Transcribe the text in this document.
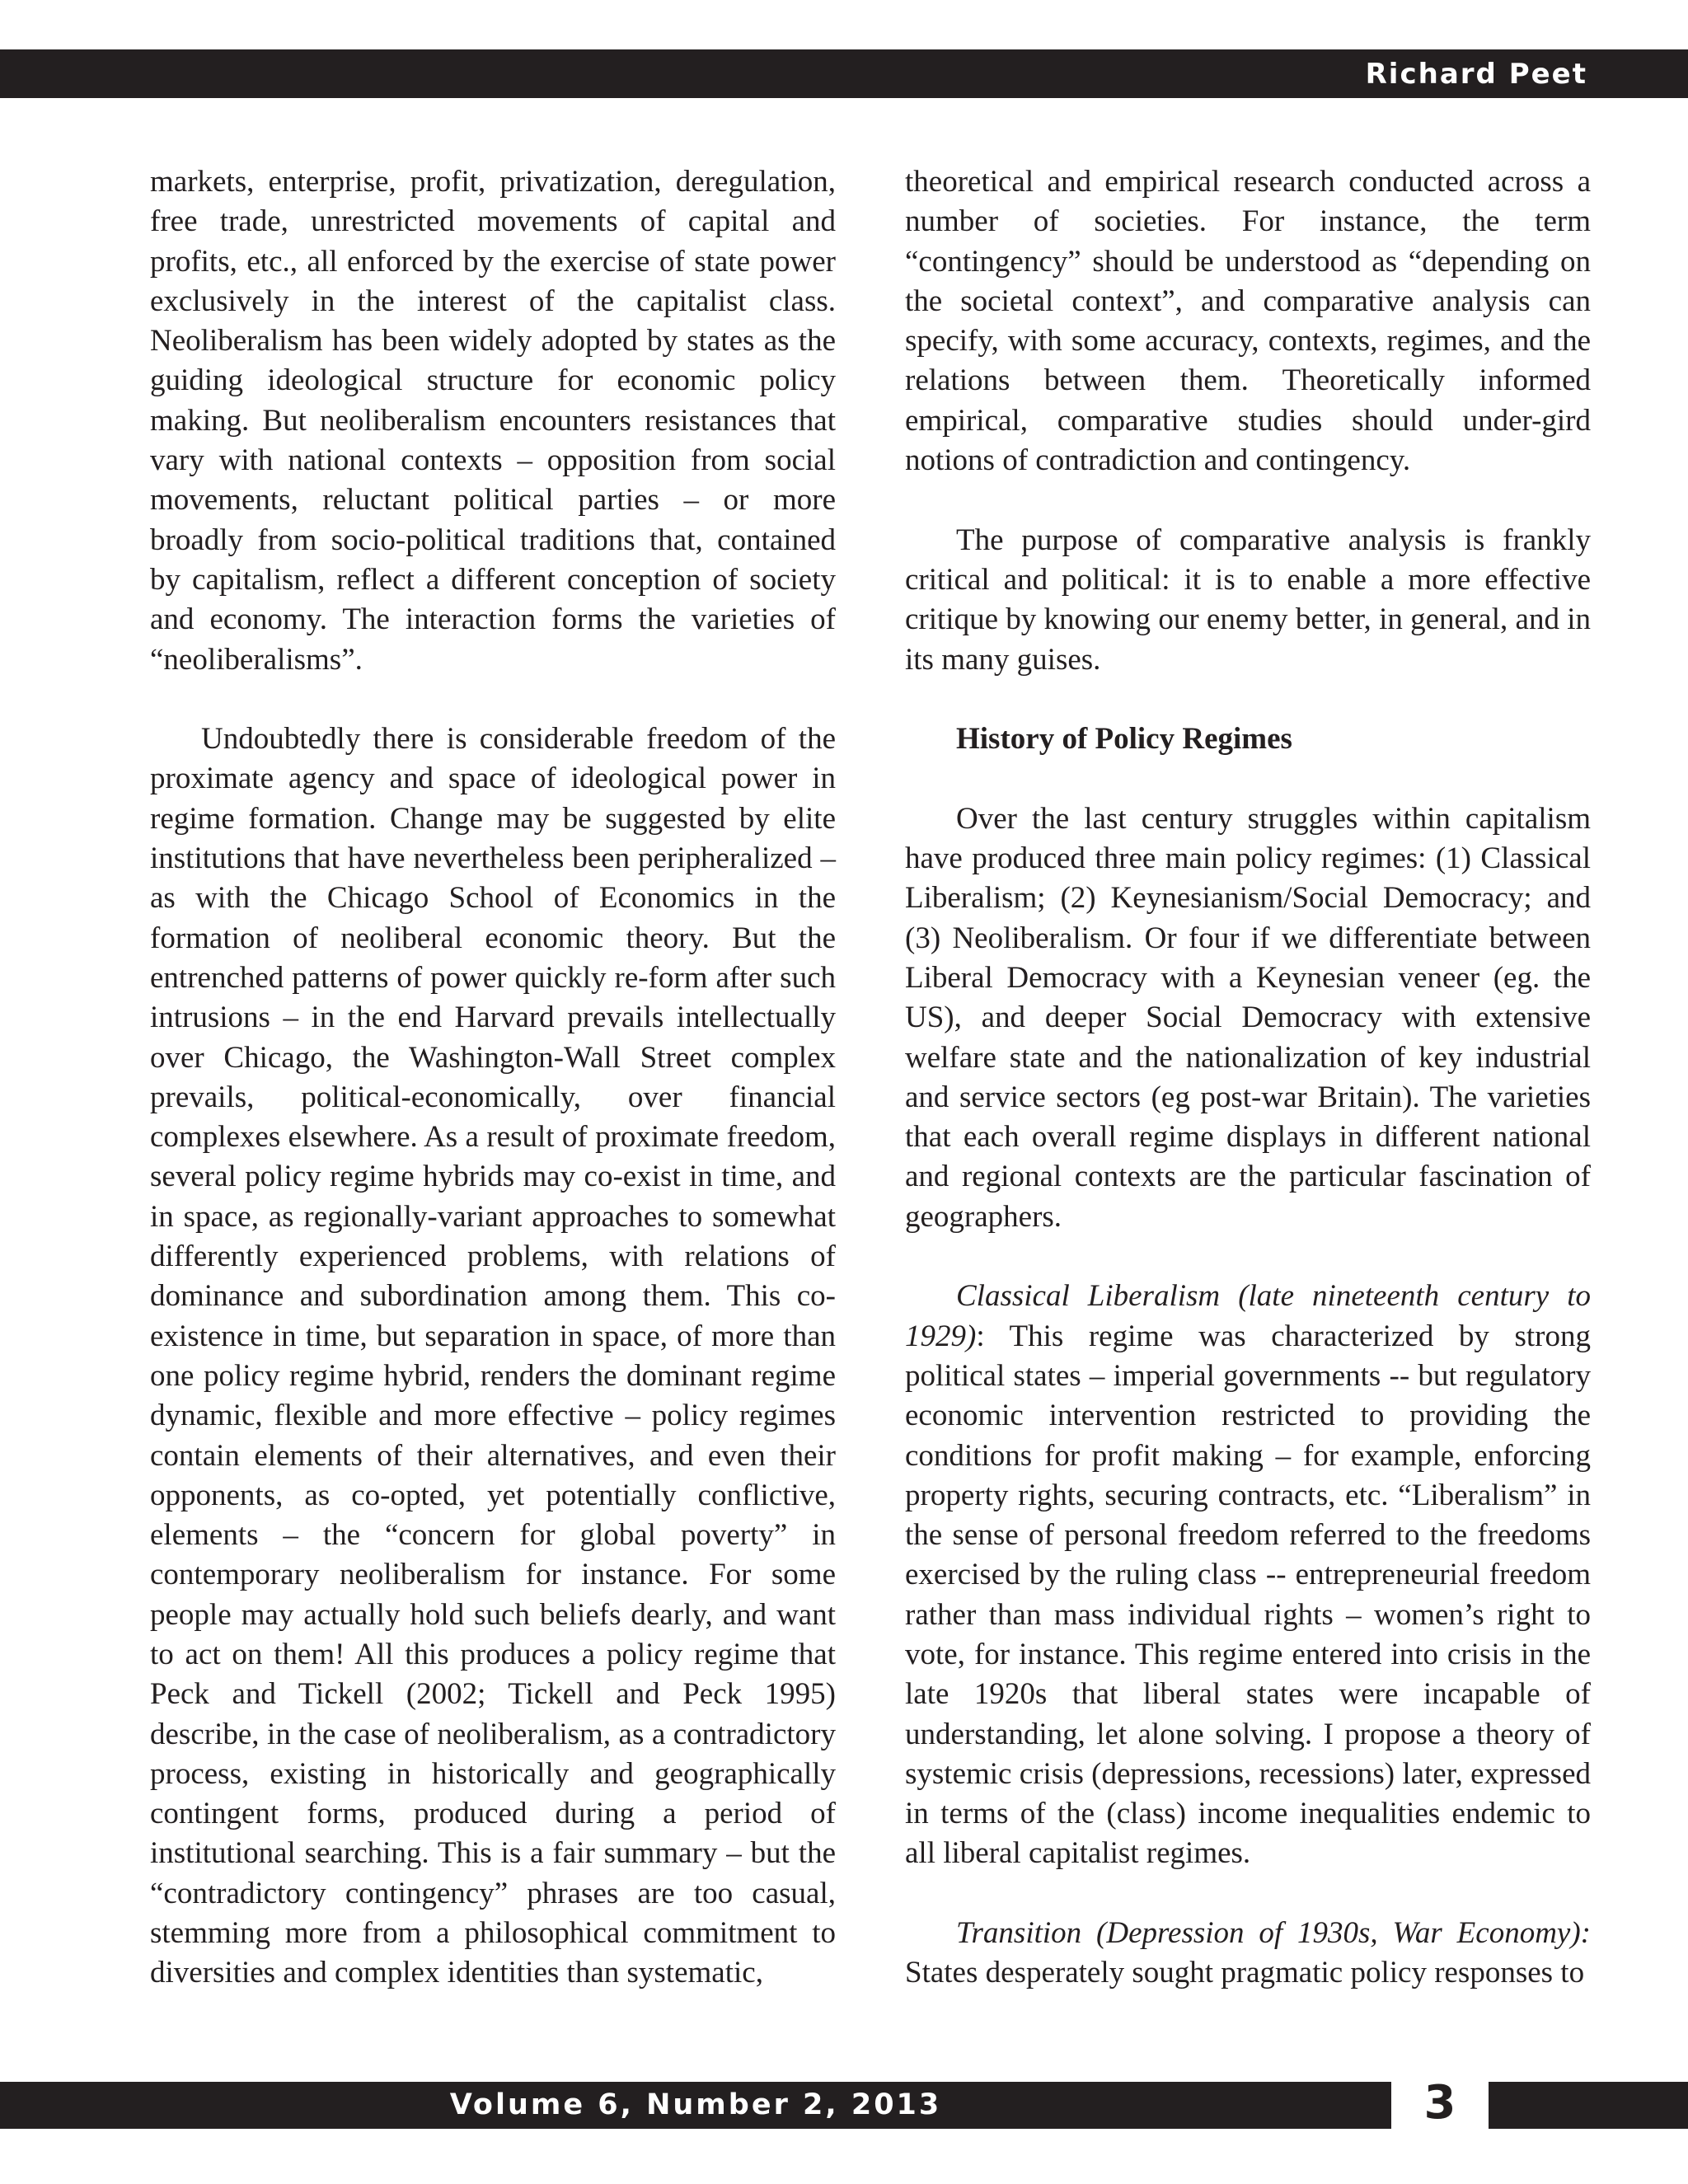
Richard Peet

markets, enterprise, profit, privatization, deregulation, free trade, unrestricted movements of capital and profits, etc., all enforced by the exercise of state power exclusively in the interest of the capitalist class. Neoliberalism has been widely adopted by states as the guiding ideological structure for economic policy making. But neoliberalism encounters resistances that vary with national contexts – opposition from social movements, reluctant political parties – or more broadly from socio-political traditions that, contained by capitalism, reflect a different conception of society and economy. The interaction forms the varieties of “neoliberalisms”.

Undoubtedly there is considerable freedom of the proximate agency and space of ideological power in regime formation. Change may be suggested by elite institutions that have nevertheless been peripheralized – as with the Chicago School of Economics in the formation of neoliberal economic theory. But the entrenched patterns of power quickly re-form after such intrusions – in the end Harvard prevails intellectually over Chicago, the Washington-Wall Street complex prevails, political-economically, over financial complexes elsewhere. As a result of proximate freedom, several policy regime hybrids may co-exist in time, and in space, as regionally-variant approaches to somewhat differently experienced problems, with relations of dominance and subordination among them. This co-existence in time, but separation in space, of more than one policy regime hybrid, renders the dominant regime dynamic, flexible and more effective – policy regimes contain elements of their alternatives, and even their opponents, as co-opted, yet potentially conflictive, elements – the “concern for global poverty” in contemporary neoliberalism for instance. For some people may actually hold such beliefs dearly, and want to act on them! All this produces a policy regime that Peck and Tickell (2002; Tickell and Peck 1995) describe, in the case of neoliberalism, as a contradictory process, existing in historically and geographically contingent forms, produced during a period of institutional searching. This is a fair summary – but the “contradictory contingency” phrases are too casual, stemming more from a philosophical commitment to diversities and complex identities than systematic,

theoretical and empirical research conducted across a number of societies. For instance, the term “contingency” should be understood as “depending on the societal context”, and comparative analysis can specify, with some accuracy, contexts, regimes, and the relations between them. Theoretically informed empirical, comparative studies should under-gird notions of contradiction and contingency.

The purpose of comparative analysis is frankly critical and political: it is to enable a more effective critique by knowing our enemy better, in general, and in its many guises.

History of Policy Regimes

Over the last century struggles within capitalism have produced three main policy regimes: (1) Classical Liberalism; (2) Keynesianism/Social Democracy; and (3) Neoliberalism. Or four if we differentiate between Liberal Democracy with a Keynesian veneer (eg. the US), and deeper Social Democracy with extensive welfare state and the nationalization of key industrial and service sectors (eg post-war Britain). The varieties that each overall regime displays in different national and regional contexts are the particular fascination of geographers.

Classical Liberalism (late nineteenth century to 1929): This regime was characterized by strong political states – imperial governments -- but regulatory economic intervention restricted to providing the conditions for profit making – for example, enforcing property rights, securing contracts, etc. “Liberalism” in the sense of personal freedom referred to the freedoms exercised by the ruling class -- entrepreneurial freedom rather than mass individual rights – women’s right to vote, for instance. This regime entered into crisis in the late 1920s that liberal states were incapable of understanding, let alone solving. I propose a theory of systemic crisis (depressions, recessions) later, expressed in terms of the (class) income inequalities endemic to all liberal capitalist regimes.

Transition (Depression of 1930s, War Economy): States desperately sought pragmatic policy responses to

Volume 6, Number 2, 2013	3
